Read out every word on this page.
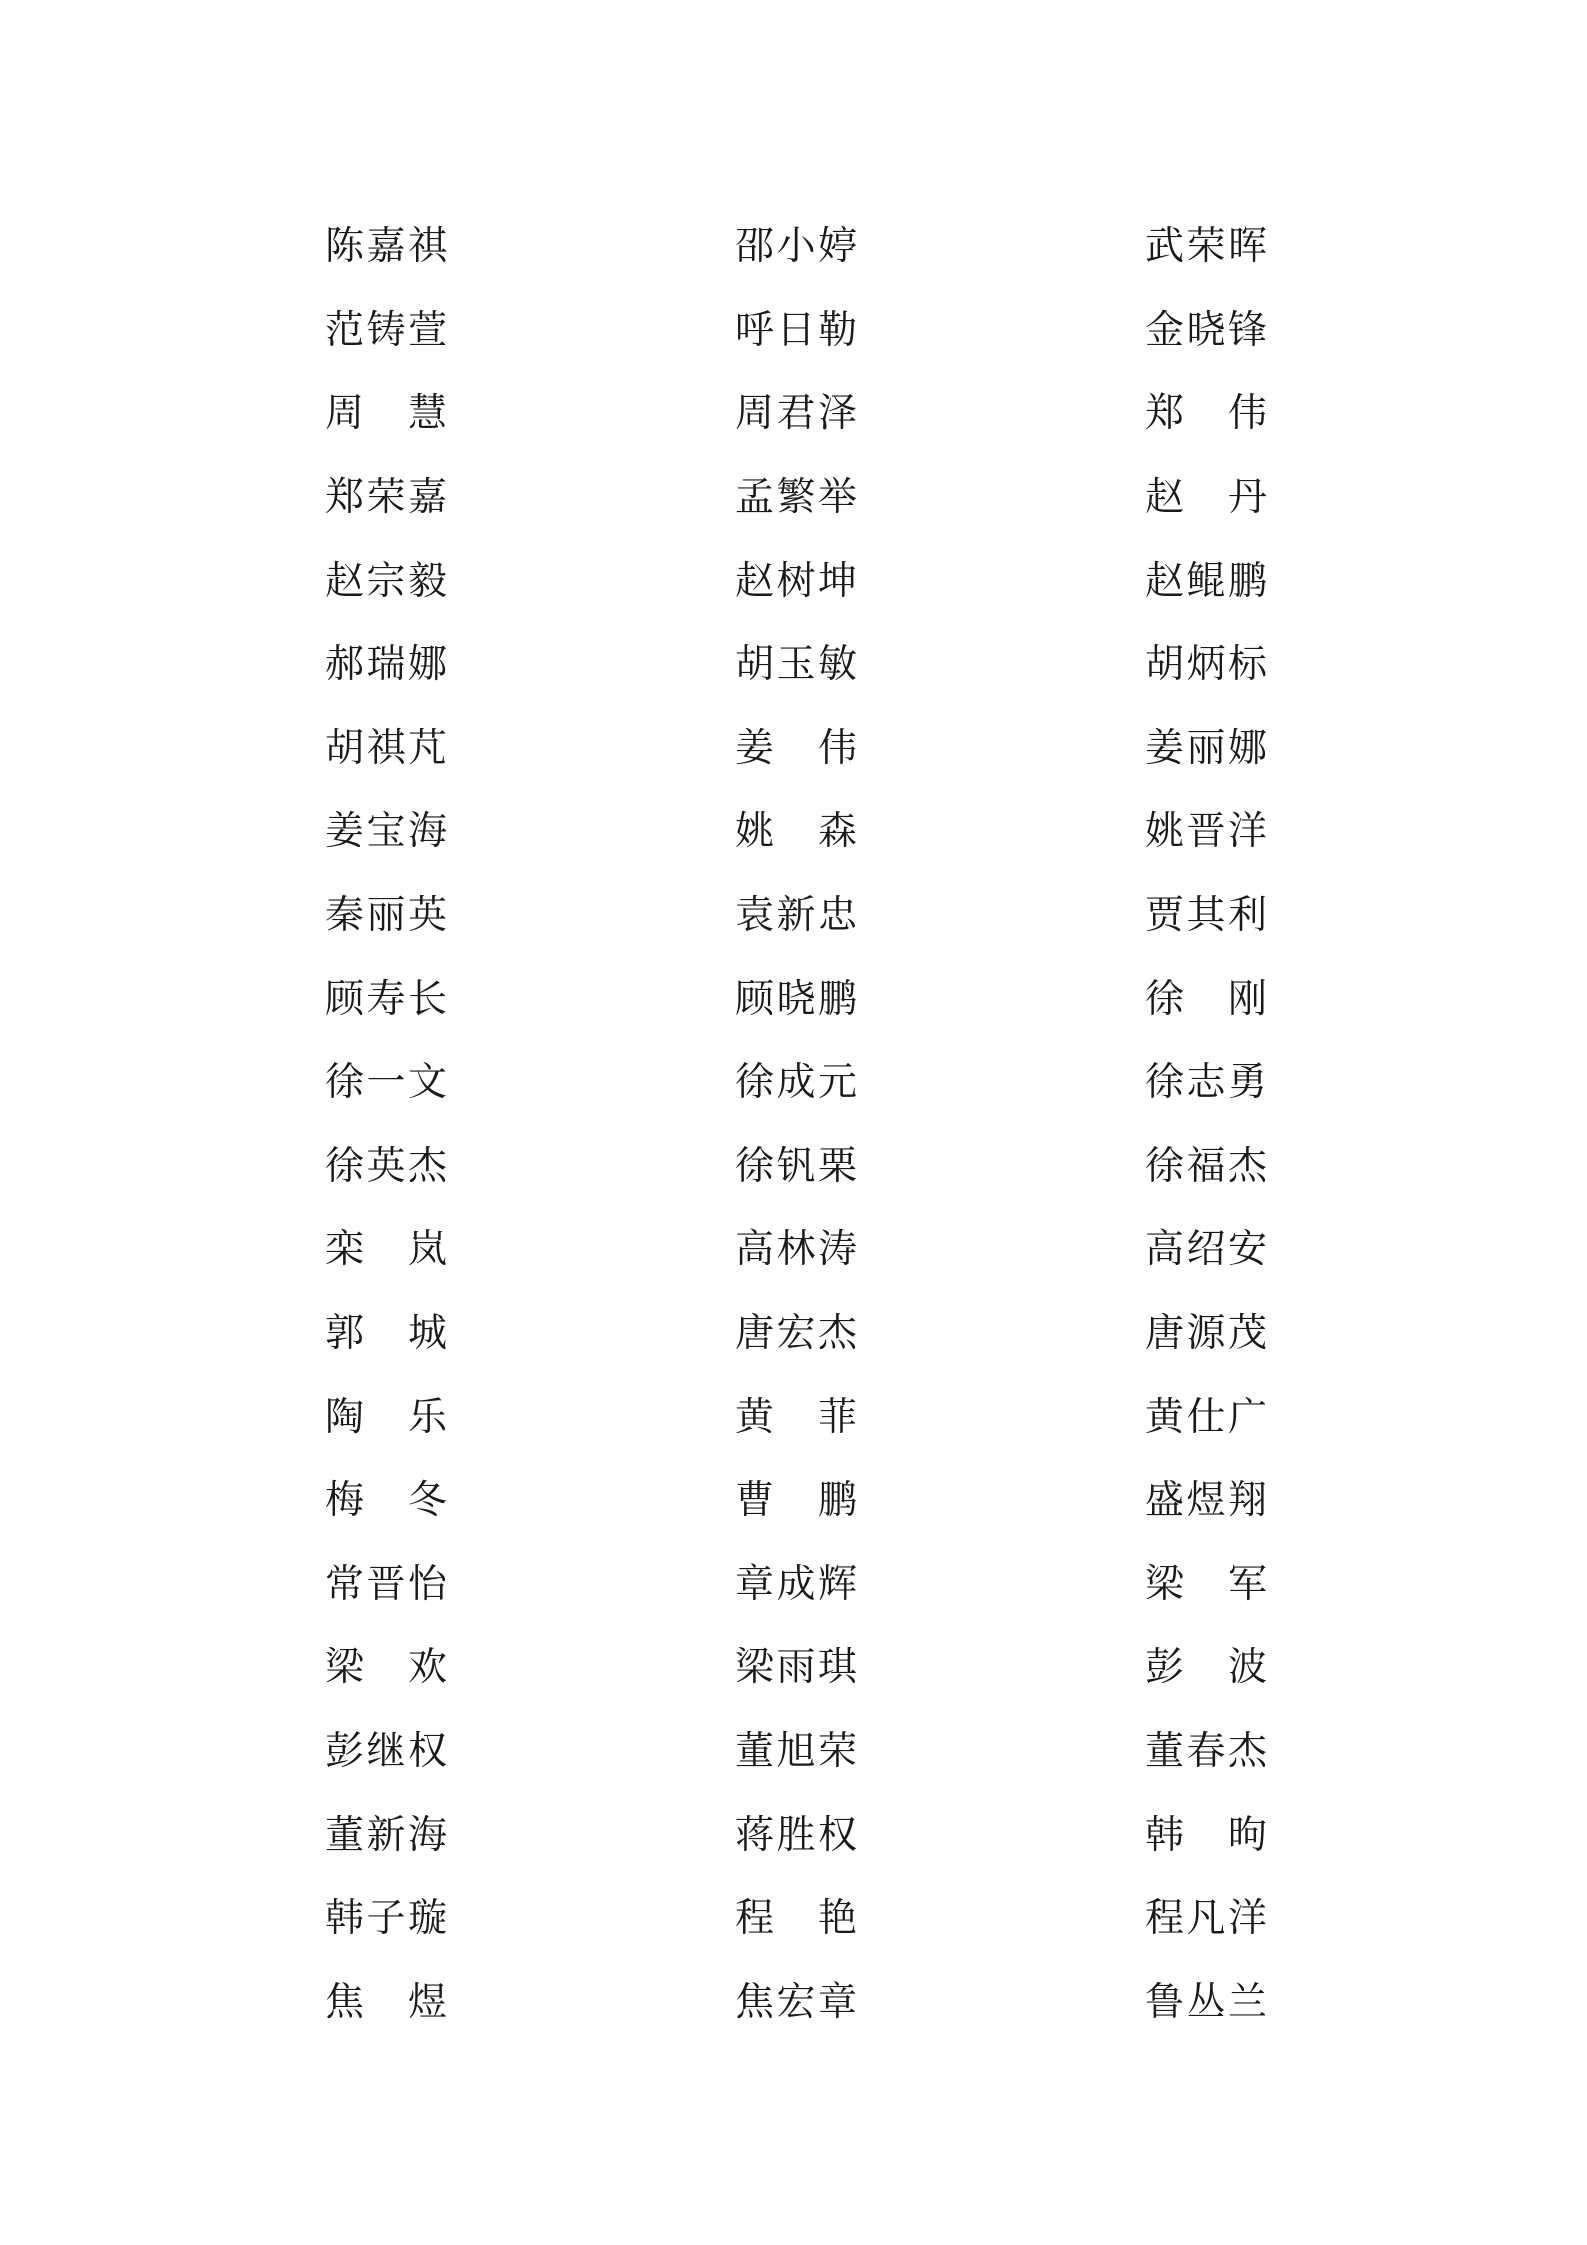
陈 嘉 祺	邵 小 婷	武 荣 晖
范 铸 萱	呼 日 勒	金 晓 锋
周 慧	周 君 泽	郑 伟
郑 荣 嘉	孟 繁 举	赵 丹
赵 宗 毅	赵 树 坤	赵 鲲 鹏
郝 瑞 娜	胡 玉 敏	胡 炳 标
胡 祺 芃	姜 伟	姜 丽 娜
姜 宝 海	姚 森	姚 晋 洋
秦 丽 英	袁 新 忠	贾 其 利
顾 寿 长	顾 晓 鹏	徐 刚
徐 一 文	徐 成 元	徐 志 勇
徐 英 杰	徐 钒 栗	徐 福 杰
栾 岚	高 林 涛	高 绍 安
郭 城	唐 宏 杰	唐 源 茂
陶 乐	黄 菲	黄 仕 广
梅 冬	曹 鹏	盛 煜 翔
常 晋 怡	章 成 辉	梁 军
梁 欢	梁 雨 琪	彭 波
彭 继 权	董 旭 荣	董 春 杰
董 新 海	蒋 胜 权	韩 昫
韩 子 璇	程 艳	程 凡 洋
焦 煜	焦 宏 章	鲁 丛 兰
